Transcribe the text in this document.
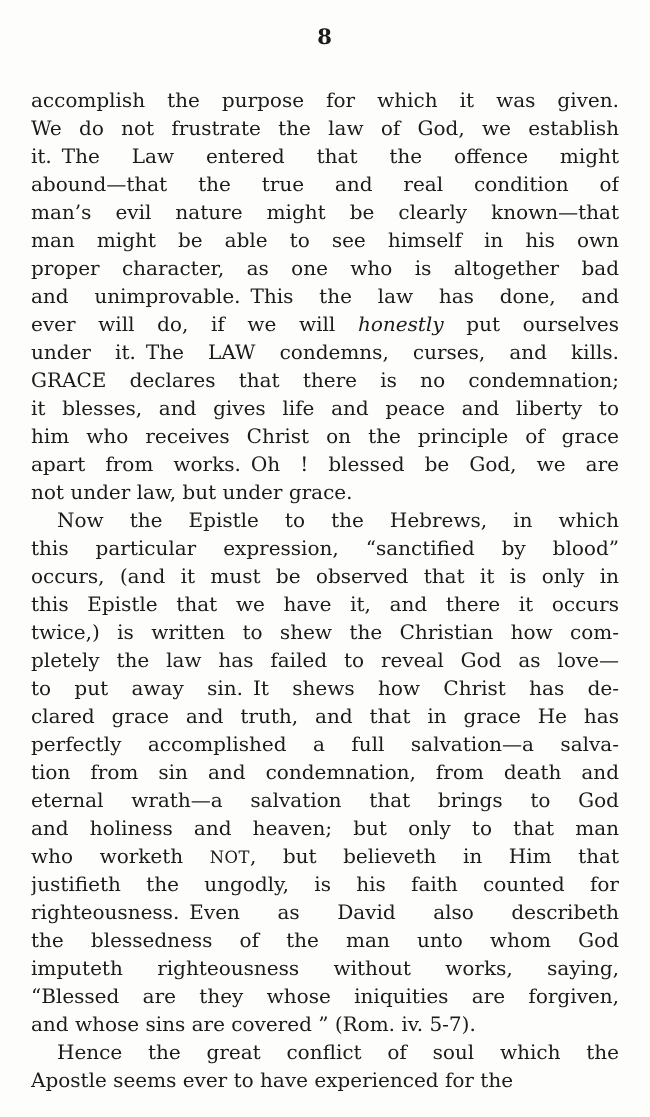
8
accomplish the purpose for which it was given.
We do not frustrate the law of God, we establish
it. The Law entered that the offence might
abound—that the true and real condition of
man’s evil nature might be clearly known—that
man might be able to see himself in his own
proper character, as one who is altogether bad
and unimprovable. This the law has done, and
ever will do, if we will honestly put ourselves
under it. The LAW condemns, curses, and kills.
GRACE declares that there is no condemnation;
it blesses, and gives life and peace and liberty to
him who receives Christ on the principle of grace
apart from works. Oh ! blessed be God, we are
not under law, but under grace.
Now the Epistle to the Hebrews, in which
this particular expression, “sanctified by blood”
occurs, (and it must be observed that it is only in
this Epistle that we have it, and there it occurs
twice,) is written to shew the Christian how com-
pletely the law has failed to reveal God as love—
to put away sin. It shews how Christ has de-
clared grace and truth, and that in grace He has
perfectly accomplished a full salvation—a salva-
tion from sin and condemnation, from death and
eternal wrath—a salvation that brings to God
and holiness and heaven; but only to that man
who worketh NOT, but believeth in Him that
justifieth the ungodly, is his faith counted for
righteousness. Even as David also describeth
the blessedness of the man unto whom God
imputeth righteousness without works, saying,
“Blessed are they whose iniquities are forgiven,
and whose sins are covered ” (Rom. iv. 5-7).
Hence the great conflict of soul which the
Apostle seems ever to have experienced for the
